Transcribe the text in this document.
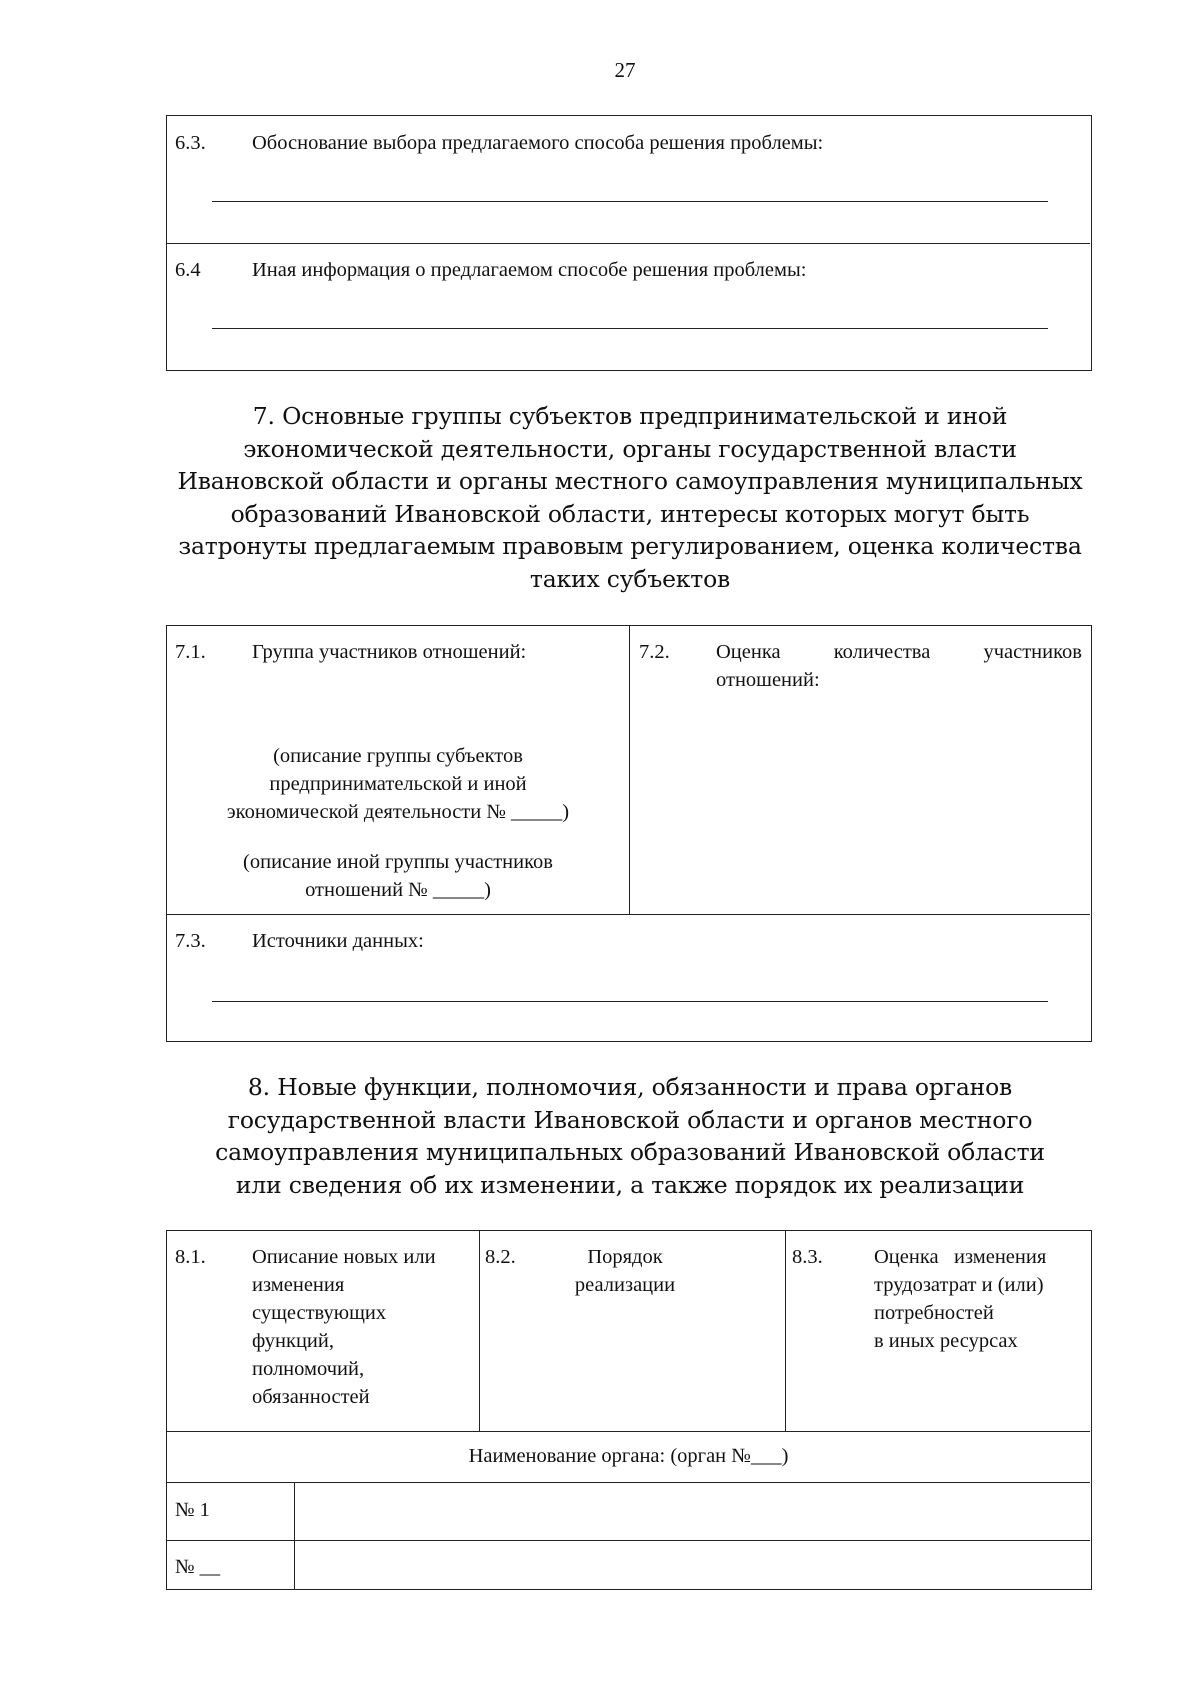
27
6.3. Обоснование выбора предлагаемого способа решения проблемы:
6.4	Иная информация о предлагаемом способе решения проблемы:
7. Основные группы субъектов предпринимательской и иной
экономической деятельности, органы государственной власти
Ивановской области и органы местного самоуправления муниципальных
образований Ивановской области, интересы которых могут быть
затронуты предлагаемым правовым регулированием, оценка количества
таких субъектов
7.1. Группа участников отношений:
(описание группы субъектов
предпринимательской и иной
экономической деятельности № _____)
(описание иной группы участников
отношений № _____)
7.2. Оценка	количества	участников
отношений:
7.3. Источники данных:
8. Новые функции, полномочия, обязанности и права органов
государственной власти Ивановской области и органов местного
самоуправления муниципальных образований Ивановской области
или сведения об их изменении, а также порядок их реализации
8.1. Описание новых или
изменения
существующих
функций,
полномочий,
обязанностей
8.2.	Порядок
реализации
8.3.	Оценка   изменения
трудозатрат и (или)
потребностей
в иных ресурсах
Наименование органа: (орган №___)
№ 1
№ __
